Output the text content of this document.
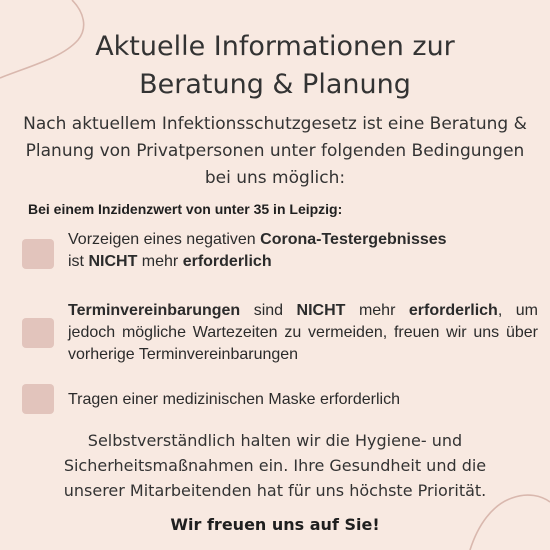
Aktuelle Informationen zur
Beratung & Planung
Nach aktuellem Infektionsschutzgesetz ist eine Beratung &
Planung von Privatpersonen unter folgenden Bedingungen
bei uns möglich:
Bei einem Inzidenzwert von unter 35 in Leipzig:
Vorzeigen eines negativen Corona-Testergebnisses
ist NICHT mehr erforderlich
Terminvereinbarungen sind NICHT mehr erforderlich, um jedoch mögliche Wartezeiten zu vermeiden, freuen wir uns über vorherige Terminvereinbarungen
Tragen einer medizinischen Maske erforderlich
Selbstverständlich halten wir die Hygiene- und
Sicherheitsmaßnahmen ein. Ihre Gesundheit und die
unserer Mitarbeitenden hat für uns höchste Priorität.
Wir freuen uns auf Sie!
